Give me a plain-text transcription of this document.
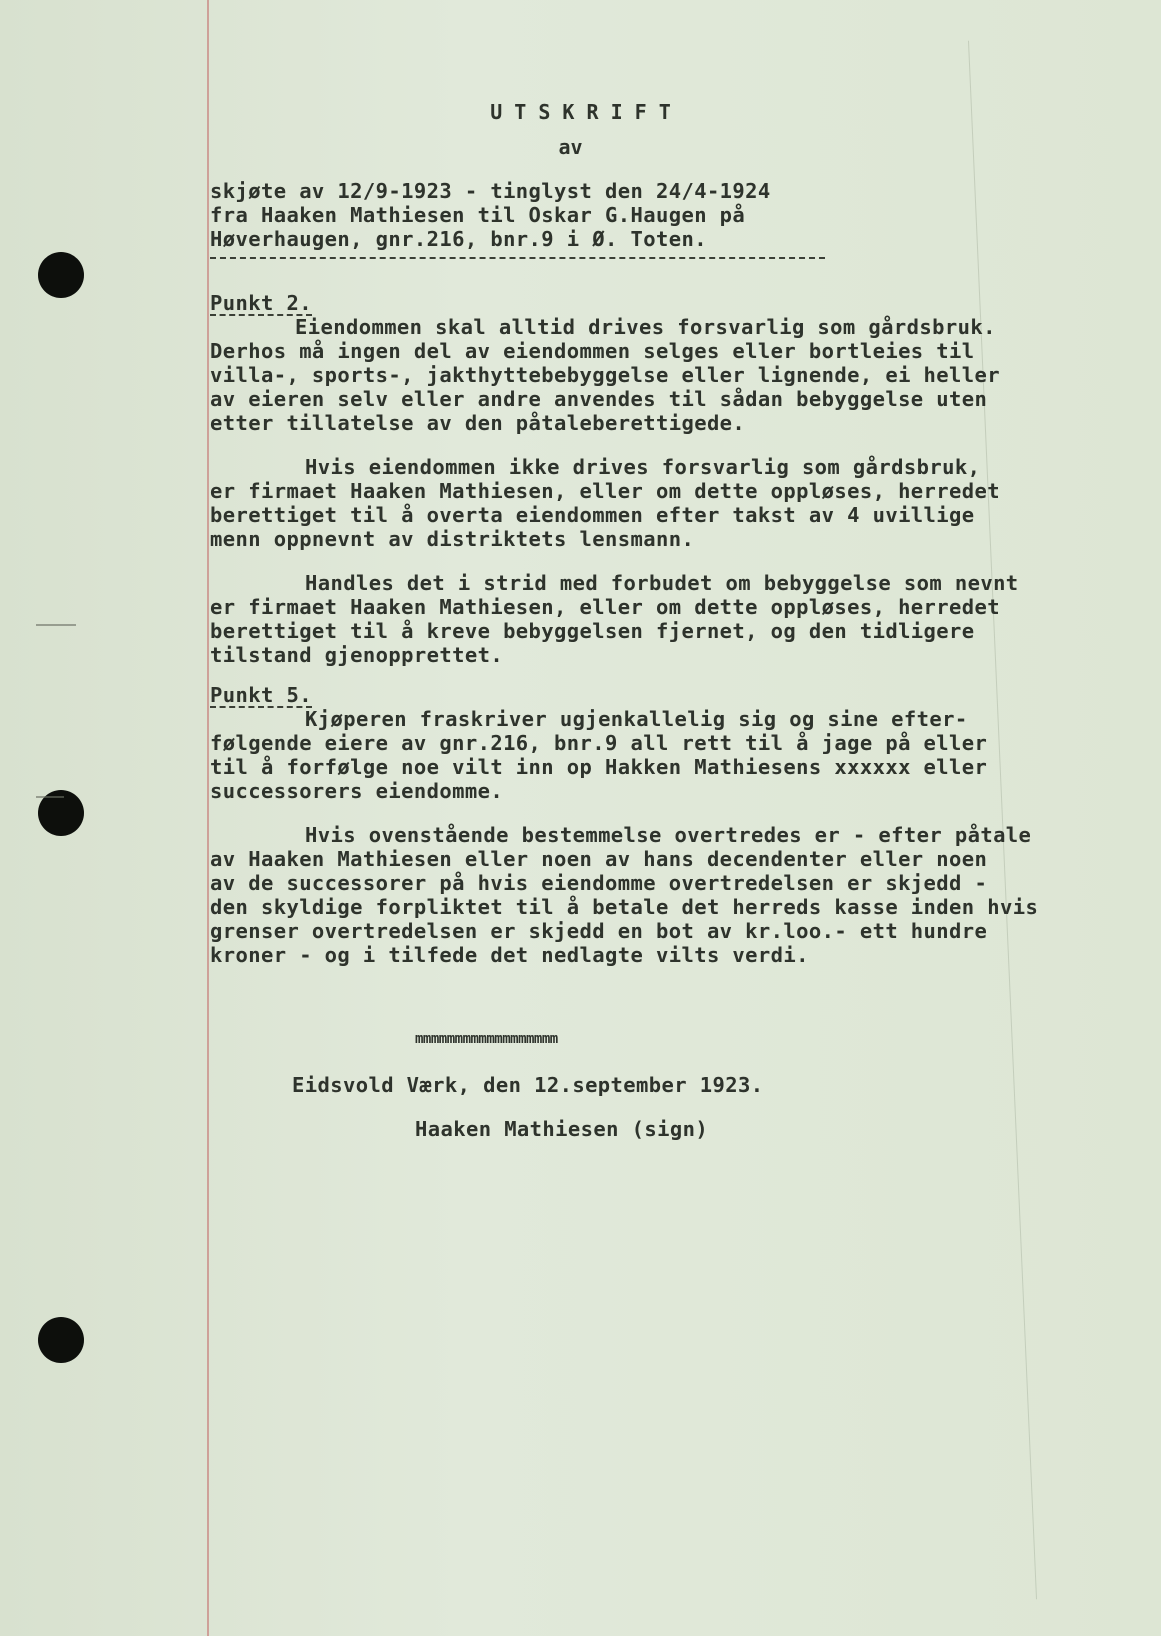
U T S K R I F T
av
skjøte av 12/9-1923 - tinglyst den 24/4-1924
fra Haaken Mathiesen til Oskar G.Haugen på
Høverhaugen, gnr.216, bnr.9 i Ø. Toten.
Punkt 2.
Eiendommen skal alltid drives forsvarlig som gårdsbruk.
Derhos må ingen del av eiendommen selges eller bortleies til
villa-, sports-, jakthyttebebyggelse eller lignende, ei heller
av eieren selv eller andre anvendes til sådan bebyggelse uten
etter tillatelse av den påtaleberettigede.
Hvis eiendommen ikke drives forsvarlig som gårdsbruk,
er firmaet Haaken Mathiesen, eller om dette oppløses, herredet
berettiget til å overta eiendommen efter takst av 4 uvillige
menn oppnevnt av distriktets lensmann.
Handles det i strid med forbudet om bebyggelse som nevnt
er firmaet Haaken Mathiesen, eller om dette oppløses, herredet
berettiget til å kreve bebyggelsen fjernet, og den tidligere
tilstand gjenopprettet.
Punkt 5.
Kjøperen fraskriver ugjenkallelig sig og sine efter-
følgende eiere av gnr.216, bnr.9 all rett til å jage på eller
til å forfølge noe vilt inn op Hakken Mathiesens xxxxxx eller
successorers eiendomme.
Hvis ovenstående bestemmelse overtredes er - efter påtale
av Haaken Mathiesen eller noen av hans decendenter eller noen
av de successorer på hvis eiendomme overtredelsen er skjedd -
den skyldige forpliktet til å betale det herreds kasse inden hvis
grenser overtredelsen er skjedd en bot av kr.loo.- ett hundre
kroner - og i tilfede det nedlagte vilts verdi.
mmmmmmmmmmmmmmmmmm
Eidsvold Værk, den 12.september 1923.
Haaken Mathiesen (sign)
